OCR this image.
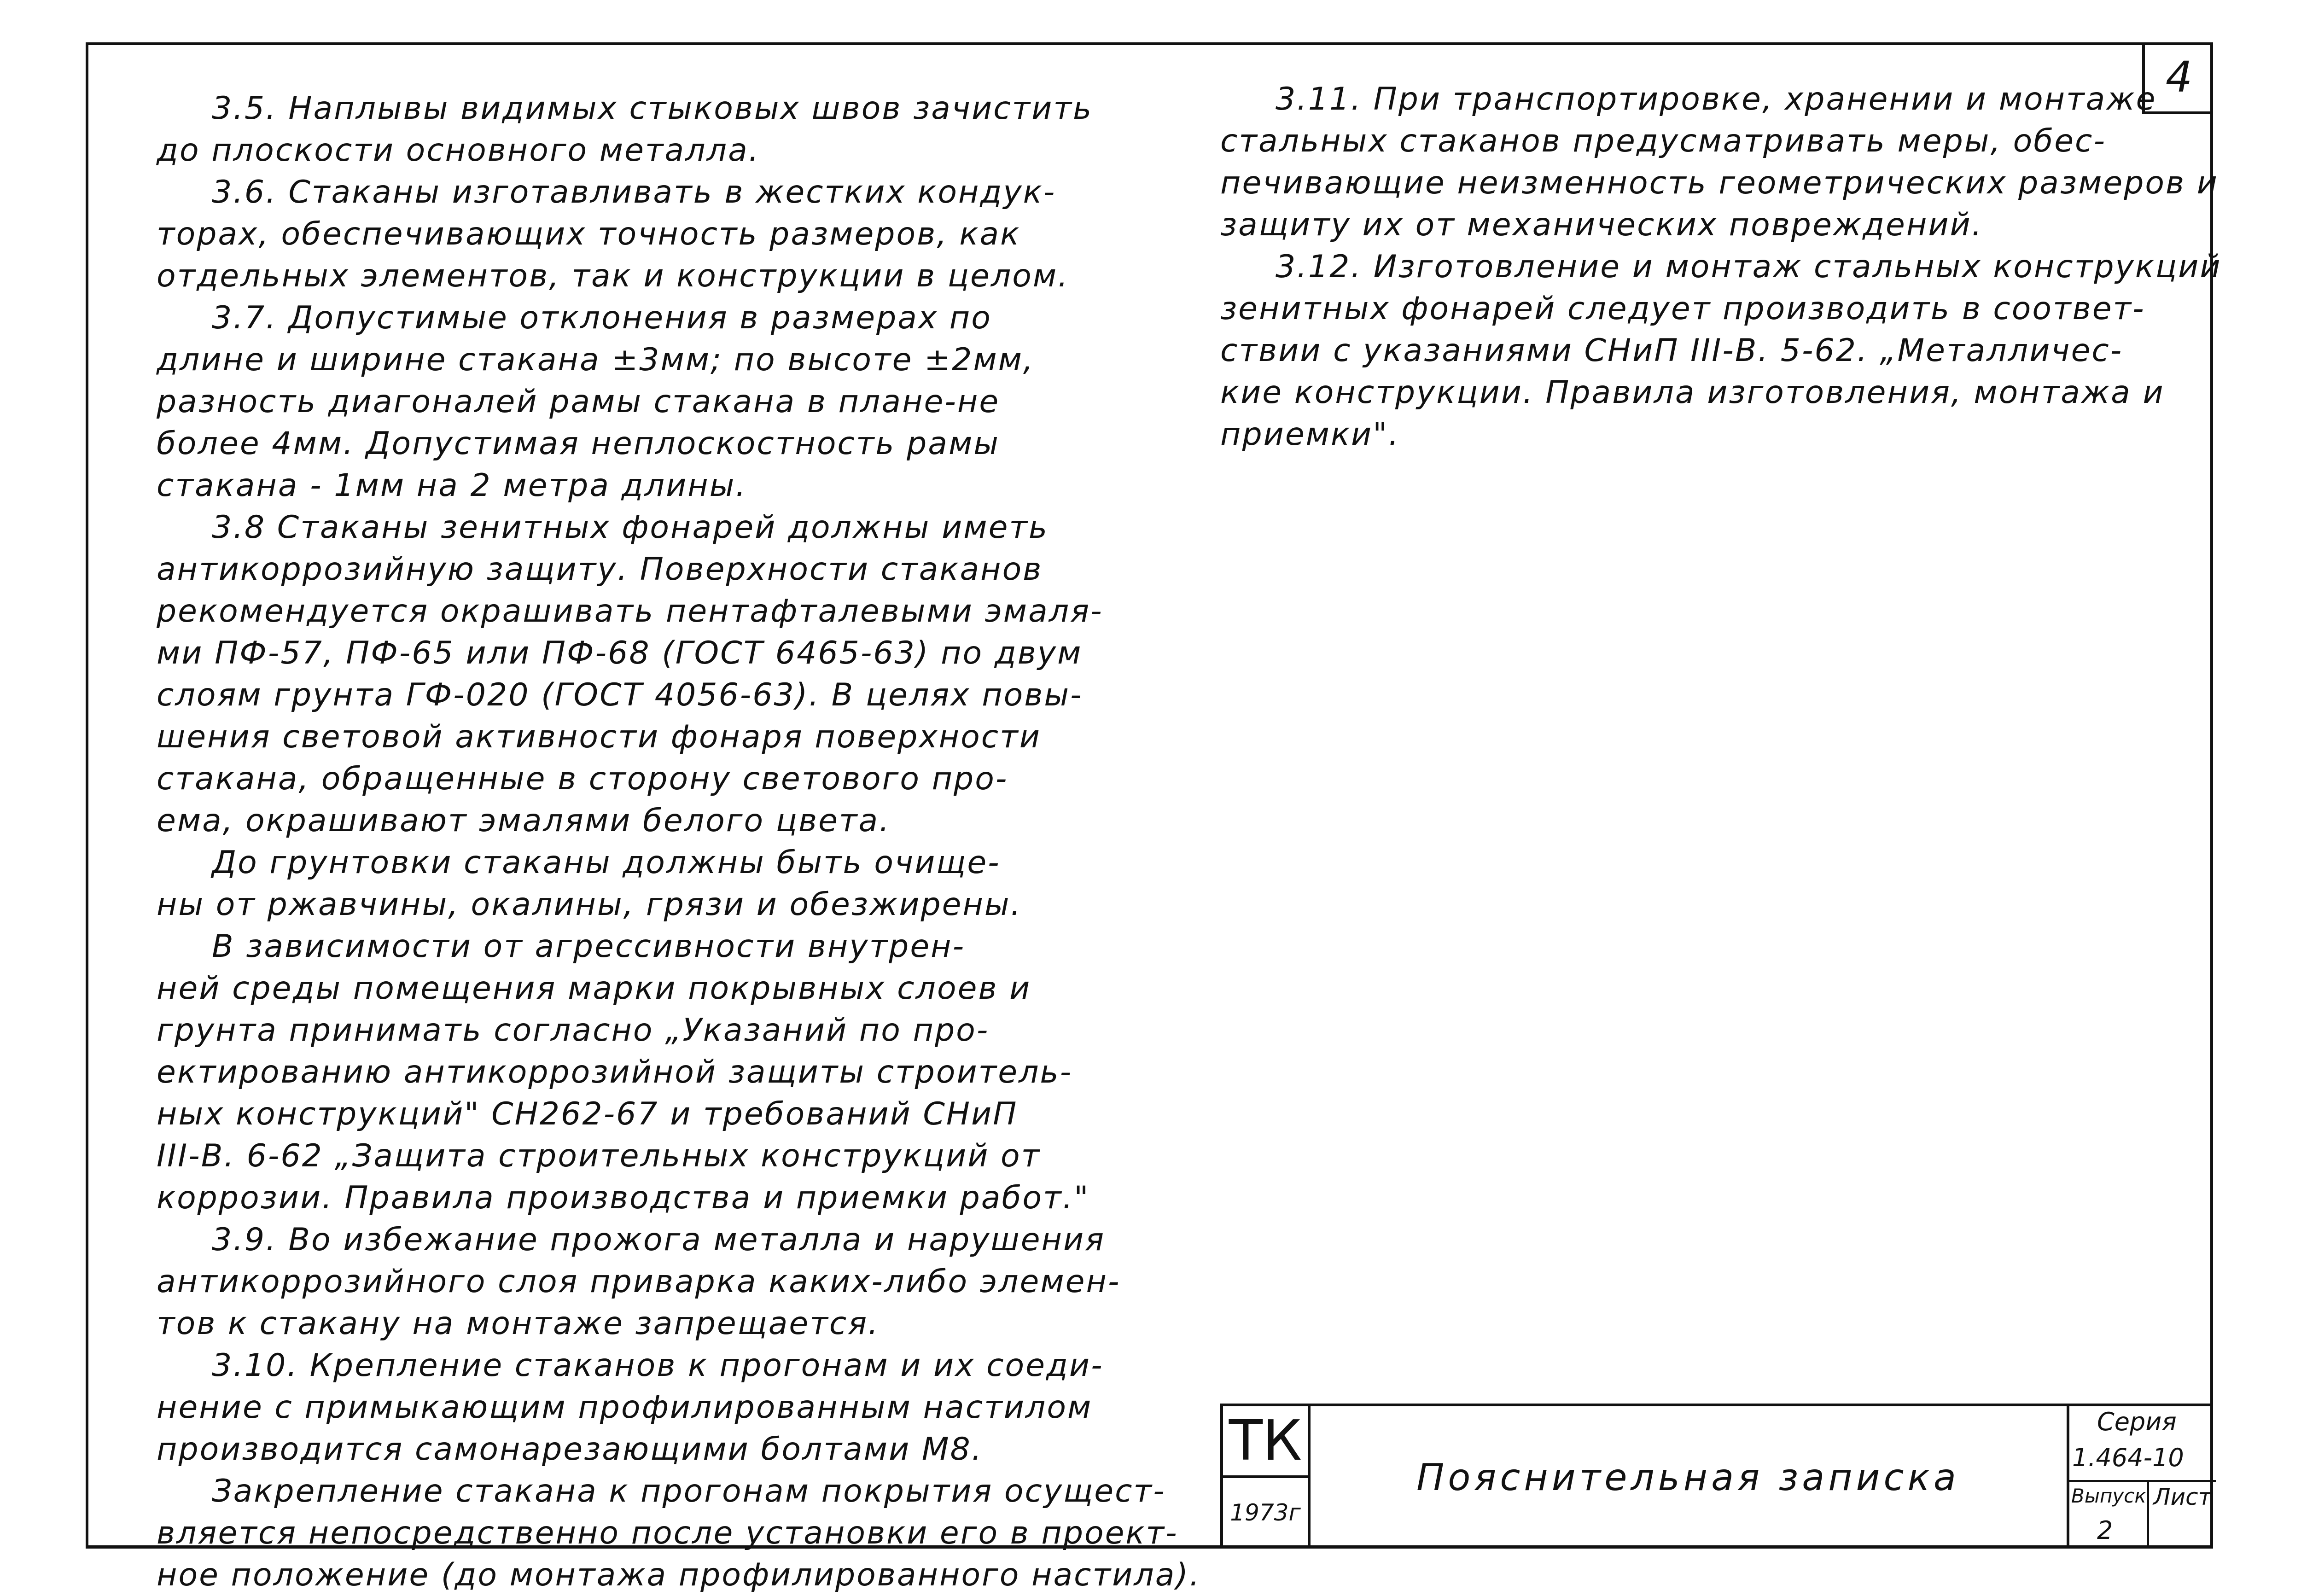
4
3.5. Наплывы видимых стыковых швов зачистить
до плоскости основного металла.
3.6. Стаканы изготавливать в жестких кондук-
торах, обеспечивающих точность размеров, как
отдельных элементов, так и конструкции в целом.
3.7. Допустимые отклонения в размерах по
длине и ширине стакана ±3мм; по высоте ±2мм,
разность диагоналей рамы стакана в плане-не
более 4мм. Допустимая неплоскостность рамы
стакана - 1мм на 2 метра длины.
3.8 Стаканы зенитных фонарей должны иметь
антикоррозийную защиту. Поверхности стаканов
рекомендуется окрашивать пентафталевыми эмаля-
ми ПФ-57, ПФ-65 или ПФ-68 (ГОСТ 6465-63) по двум
слоям грунта ГФ-020 (ГОСТ 4056-63). В целях повы-
шения световой активности фонаря поверхности
стакана, обращенные в сторону светового про-
ема, окрашивают эмалями белого цвета.
До грунтовки стаканы должны быть очище-
ны от ржавчины, окалины, грязи и обезжирены.
В зависимости от агрессивности внутрен-
ней среды помещения марки покрывных слоев и
грунта принимать согласно „Указаний по про-
ектированию антикоррозийной защиты строитель-
ных конструкций" СН262-67 и требований СНиП
III-В. 6-62 „Защита строительных конструкций от
коррозии. Правила производства и приемки работ."
3.9. Во избежание прожога металла и нарушения
антикоррозийного слоя приварка каких-либо элемен-
тов к стакану на монтаже запрещается.
3.10. Крепление стаканов к прогонам и их соеди-
нение с примыкающим профилированным настилом
производится самонарезающими болтами М8.
Закрепление стакана к прогонам покрытия осущест-
вляется непосредственно после установки его в проект-
ное положение (до монтажа профилированного настила).
3.11. При транспортировке, хранении и монтаже
стальных стаканов предусматривать меры, обес-
печивающие неизменность геометрических размеров и
защиту их от механических повреждений.
3.12. Изготовление и монтаж стальных конструкций
зенитных фонарей следует производить в соответ-
ствии с указаниями СНиП III-В. 5-62. „Металличес-
кие конструкции. Правила изготовления, монтажа и
приемки".
ТК
1973г
Пояснительная записка
Серия
1.464-10
Выпуск Лист
2
